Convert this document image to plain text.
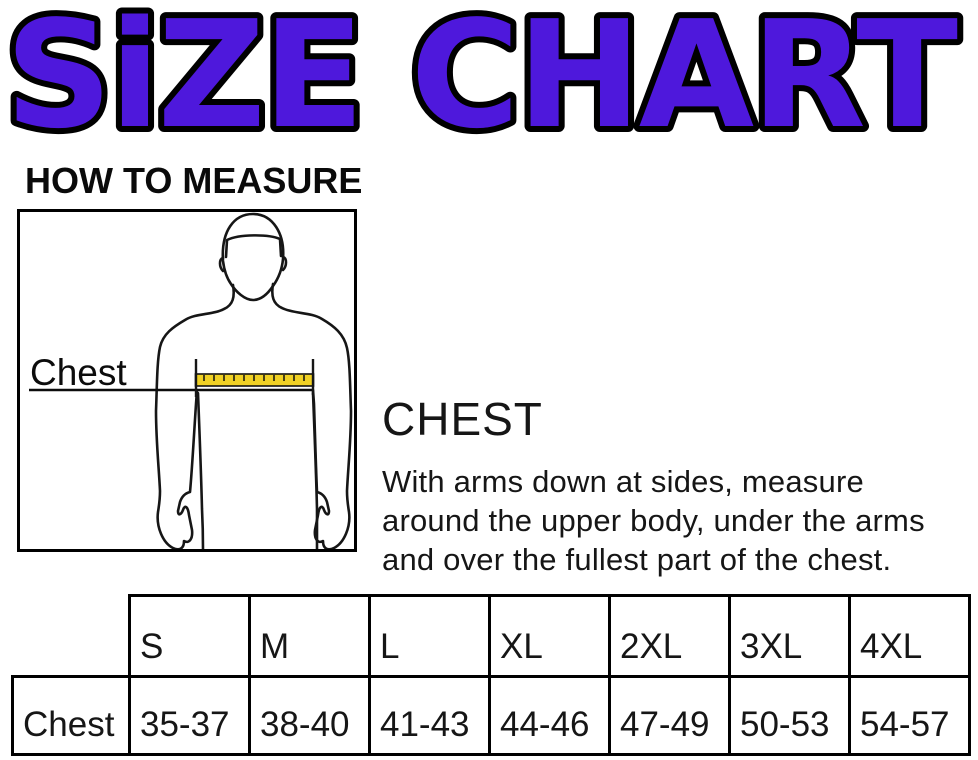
SiZE CHART
HOW TO MEASURE
Chest
CHEST
With arms down at sides, measure
around the upper body, under the arms
and over the fullest part of the chest.
S	M	L	XL	2XL	3XL	4XL
Chest 35-37 38-40 41-43 44-46 47-49 50-53 54-57
